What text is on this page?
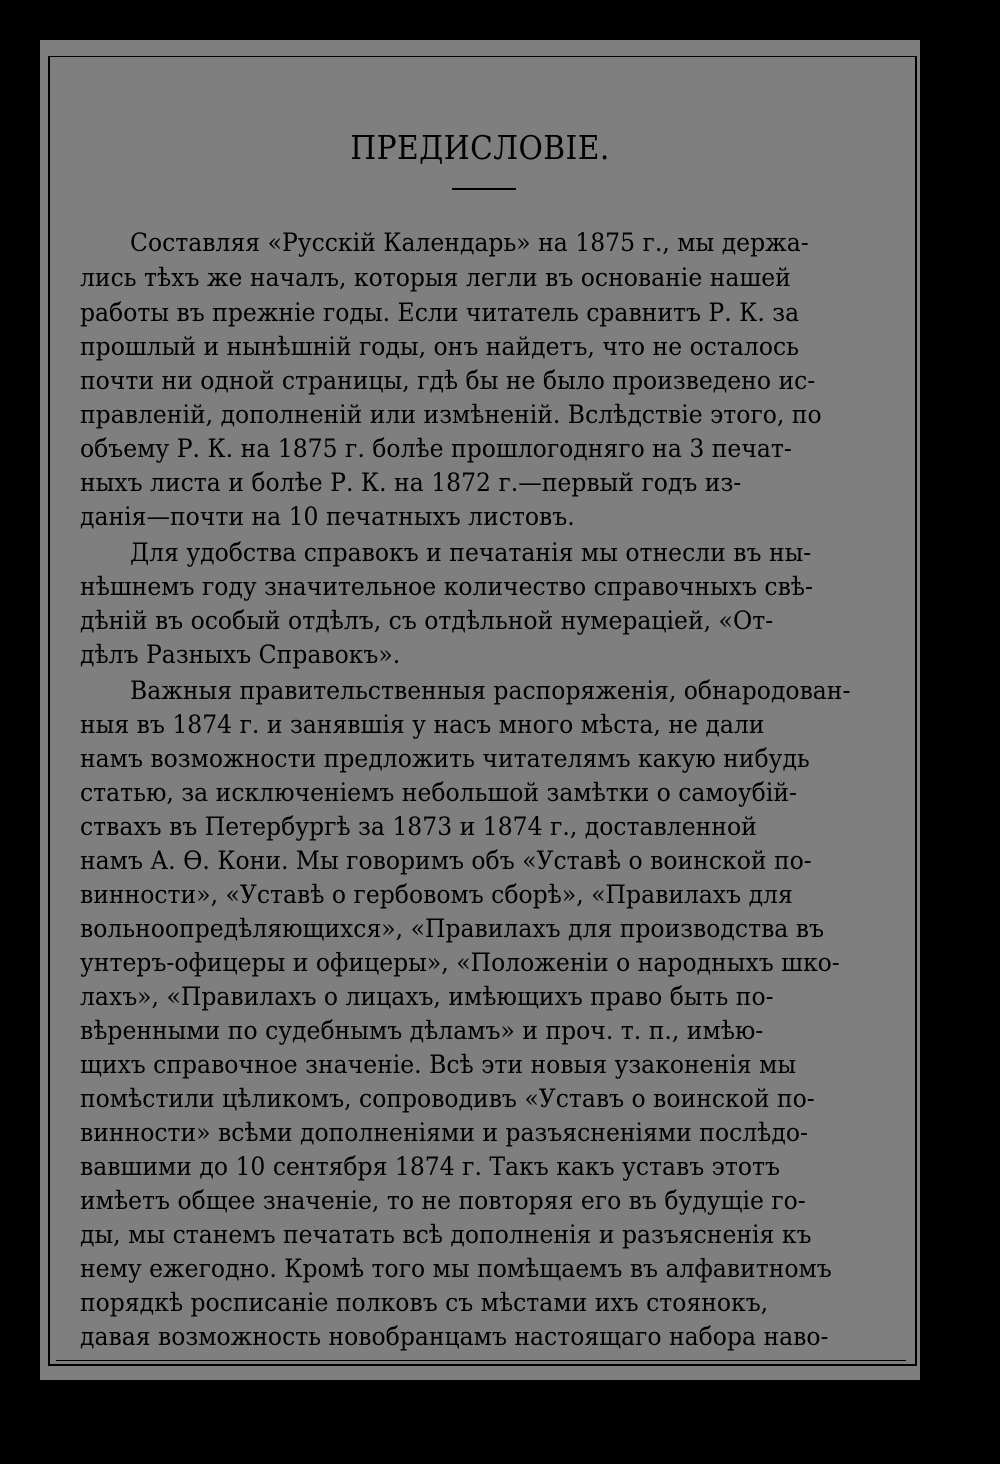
ПРЕДИСЛОВІЕ.
Составляя «Русскій Календарь» на 1875 г., мы держа-
лись тѣхъ же началъ, которыя легли въ основаніе нашей
работы въ прежніе годы. Если читатель сравнитъ Р. К. за
прошлый и нынѣшній годы, онъ найдетъ, что не осталось
почти ни одной страницы, гдѣ бы не было произведено ис-
правленій, дополненій или измѣненій. Вслѣдствіе этого, по
объему Р. К. на 1875 г. болѣе прошлогодняго на 3 печат-
ныхъ листа и болѣе Р. К. на 1872 г.—первый годъ из-
данія—почти на 10 печатныхъ листовъ.
Для удобства справокъ и печатанія мы отнесли въ ны-
нѣшнемъ году значительное количество справочныхъ свѣ-
дѣній въ особый отдѣлъ, съ отдѣльной нумераціей, «От-
дѣлъ Разныхъ Справокъ».
Важныя правительственныя распоряженія, обнародован-
ныя въ 1874 г. и занявшія у насъ много мѣста, не дали
намъ возможности предложить читателямъ какую нибудь
статью, за исключеніемъ небольшой замѣтки о самоубій-
ствахъ въ Петербургѣ за 1873 и 1874 г., доставленной
намъ А. Ѳ. Кони. Мы говоримъ объ «Уставѣ о воинской по-
винности», «Уставѣ о гербовомъ сборѣ», «Правилахъ для
вольноопредѣляющихся», «Правилахъ для производства въ
унтеръ-офицеры и офицеры», «Положеніи о народныхъ шко-
лахъ», «Правилахъ о лицахъ, имѣющихъ право быть по-
вѣренными по судебнымъ дѣламъ» и проч. т. п., имѣю-
щихъ справочное значеніе. Всѣ эти новыя узаконенія мы
помѣстили цѣликомъ, сопроводивъ «Уставъ о воинской по-
винности» всѣми дополненіями и разъясненіями послѣдо-
вавшими до 10 сентября 1874 г. Такъ какъ уставъ этотъ
имѣетъ общее значеніе, то не повторяя его въ будущіе го-
ды, мы станемъ печатать всѣ дополненія и разъясненія къ
нему ежегодно. Кромѣ того мы помѣщаемъ въ алфавитномъ
порядкѣ росписаніе полковъ съ мѣстами ихъ стоянокъ,
давая возможность новобранцамъ настоящаго набора наво-
